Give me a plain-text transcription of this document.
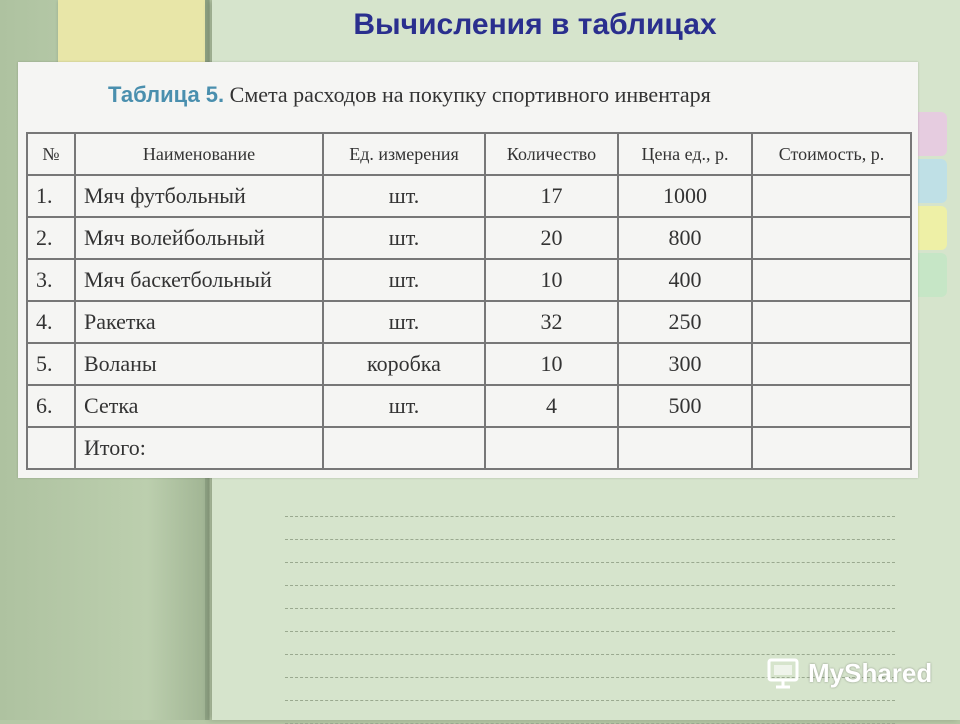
Вычисления в таблицах

Таблица 5. Смета расходов на покупку спортивного инвентаря

№	Наименование	Ед. измерения	Количество	Цена ед., р.	Стоимость, р.
1.	Мяч футбольный	шт.	17	1000	
2.	Мяч волейбольный	шт.	20	800	
3.	Мяч баскетбольный	шт.	10	400	
4.	Ракетка	шт.	32	250	
5.	Воланы	коробка	10	300	
6.	Сетка	шт.	4	500	
	Итого:				
MyShared
